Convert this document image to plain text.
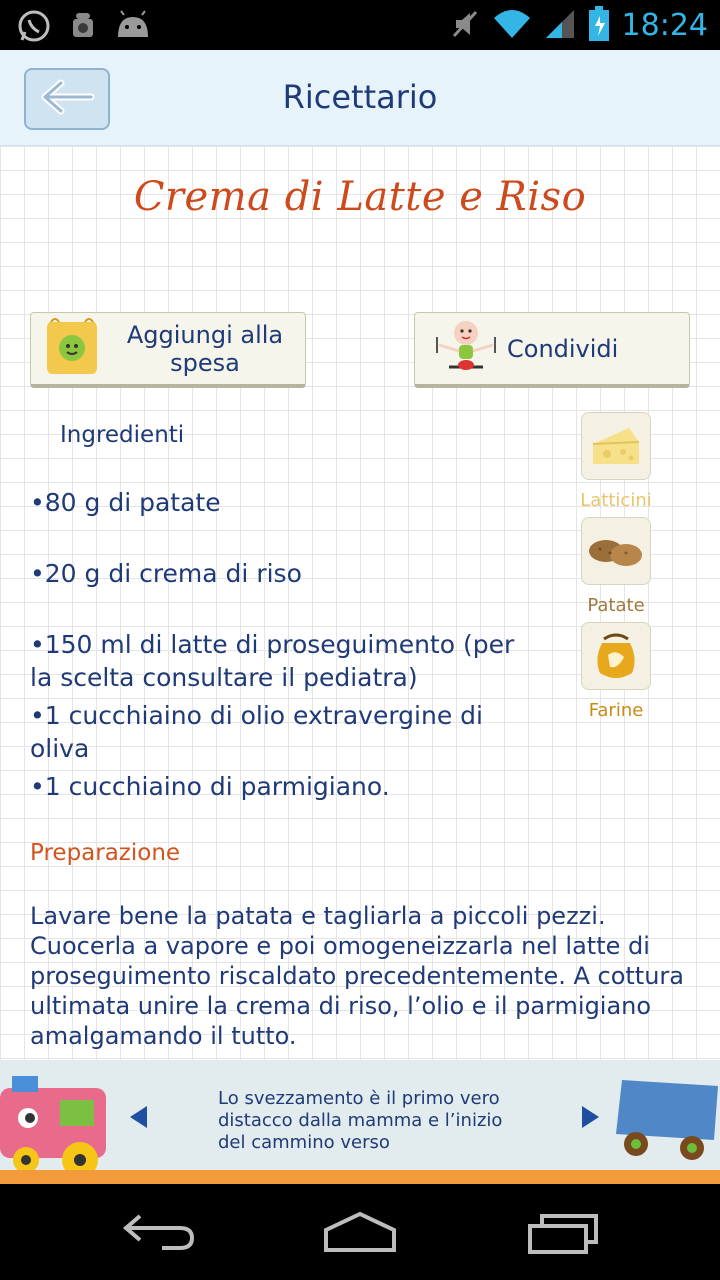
18:24
Ricettario
Crema di Latte e Riso
Aggiungi alla spesa	Condividi
Ingredienti
•80 g di patate
•20 g di crema di riso
•150 ml di latte di proseguimento (per la scelta consultare il pediatra)
•1 cucchiaino di olio extravergine di oliva
•1 cucchiaino di parmigiano.
Latticini
Patate
Farine
Preparazione
Lavare bene la patata e tagliarla a piccoli pezzi. Cuocerla a vapore e poi omogeneizzarla nel latte di proseguimento riscaldato precedentemente. A cottura ultimata unire la crema di riso, l’olio e il parmigiano amalgamando il tutto.
Lo svezzamento è il primo vero distacco dalla mamma e l’inizio del cammino verso
